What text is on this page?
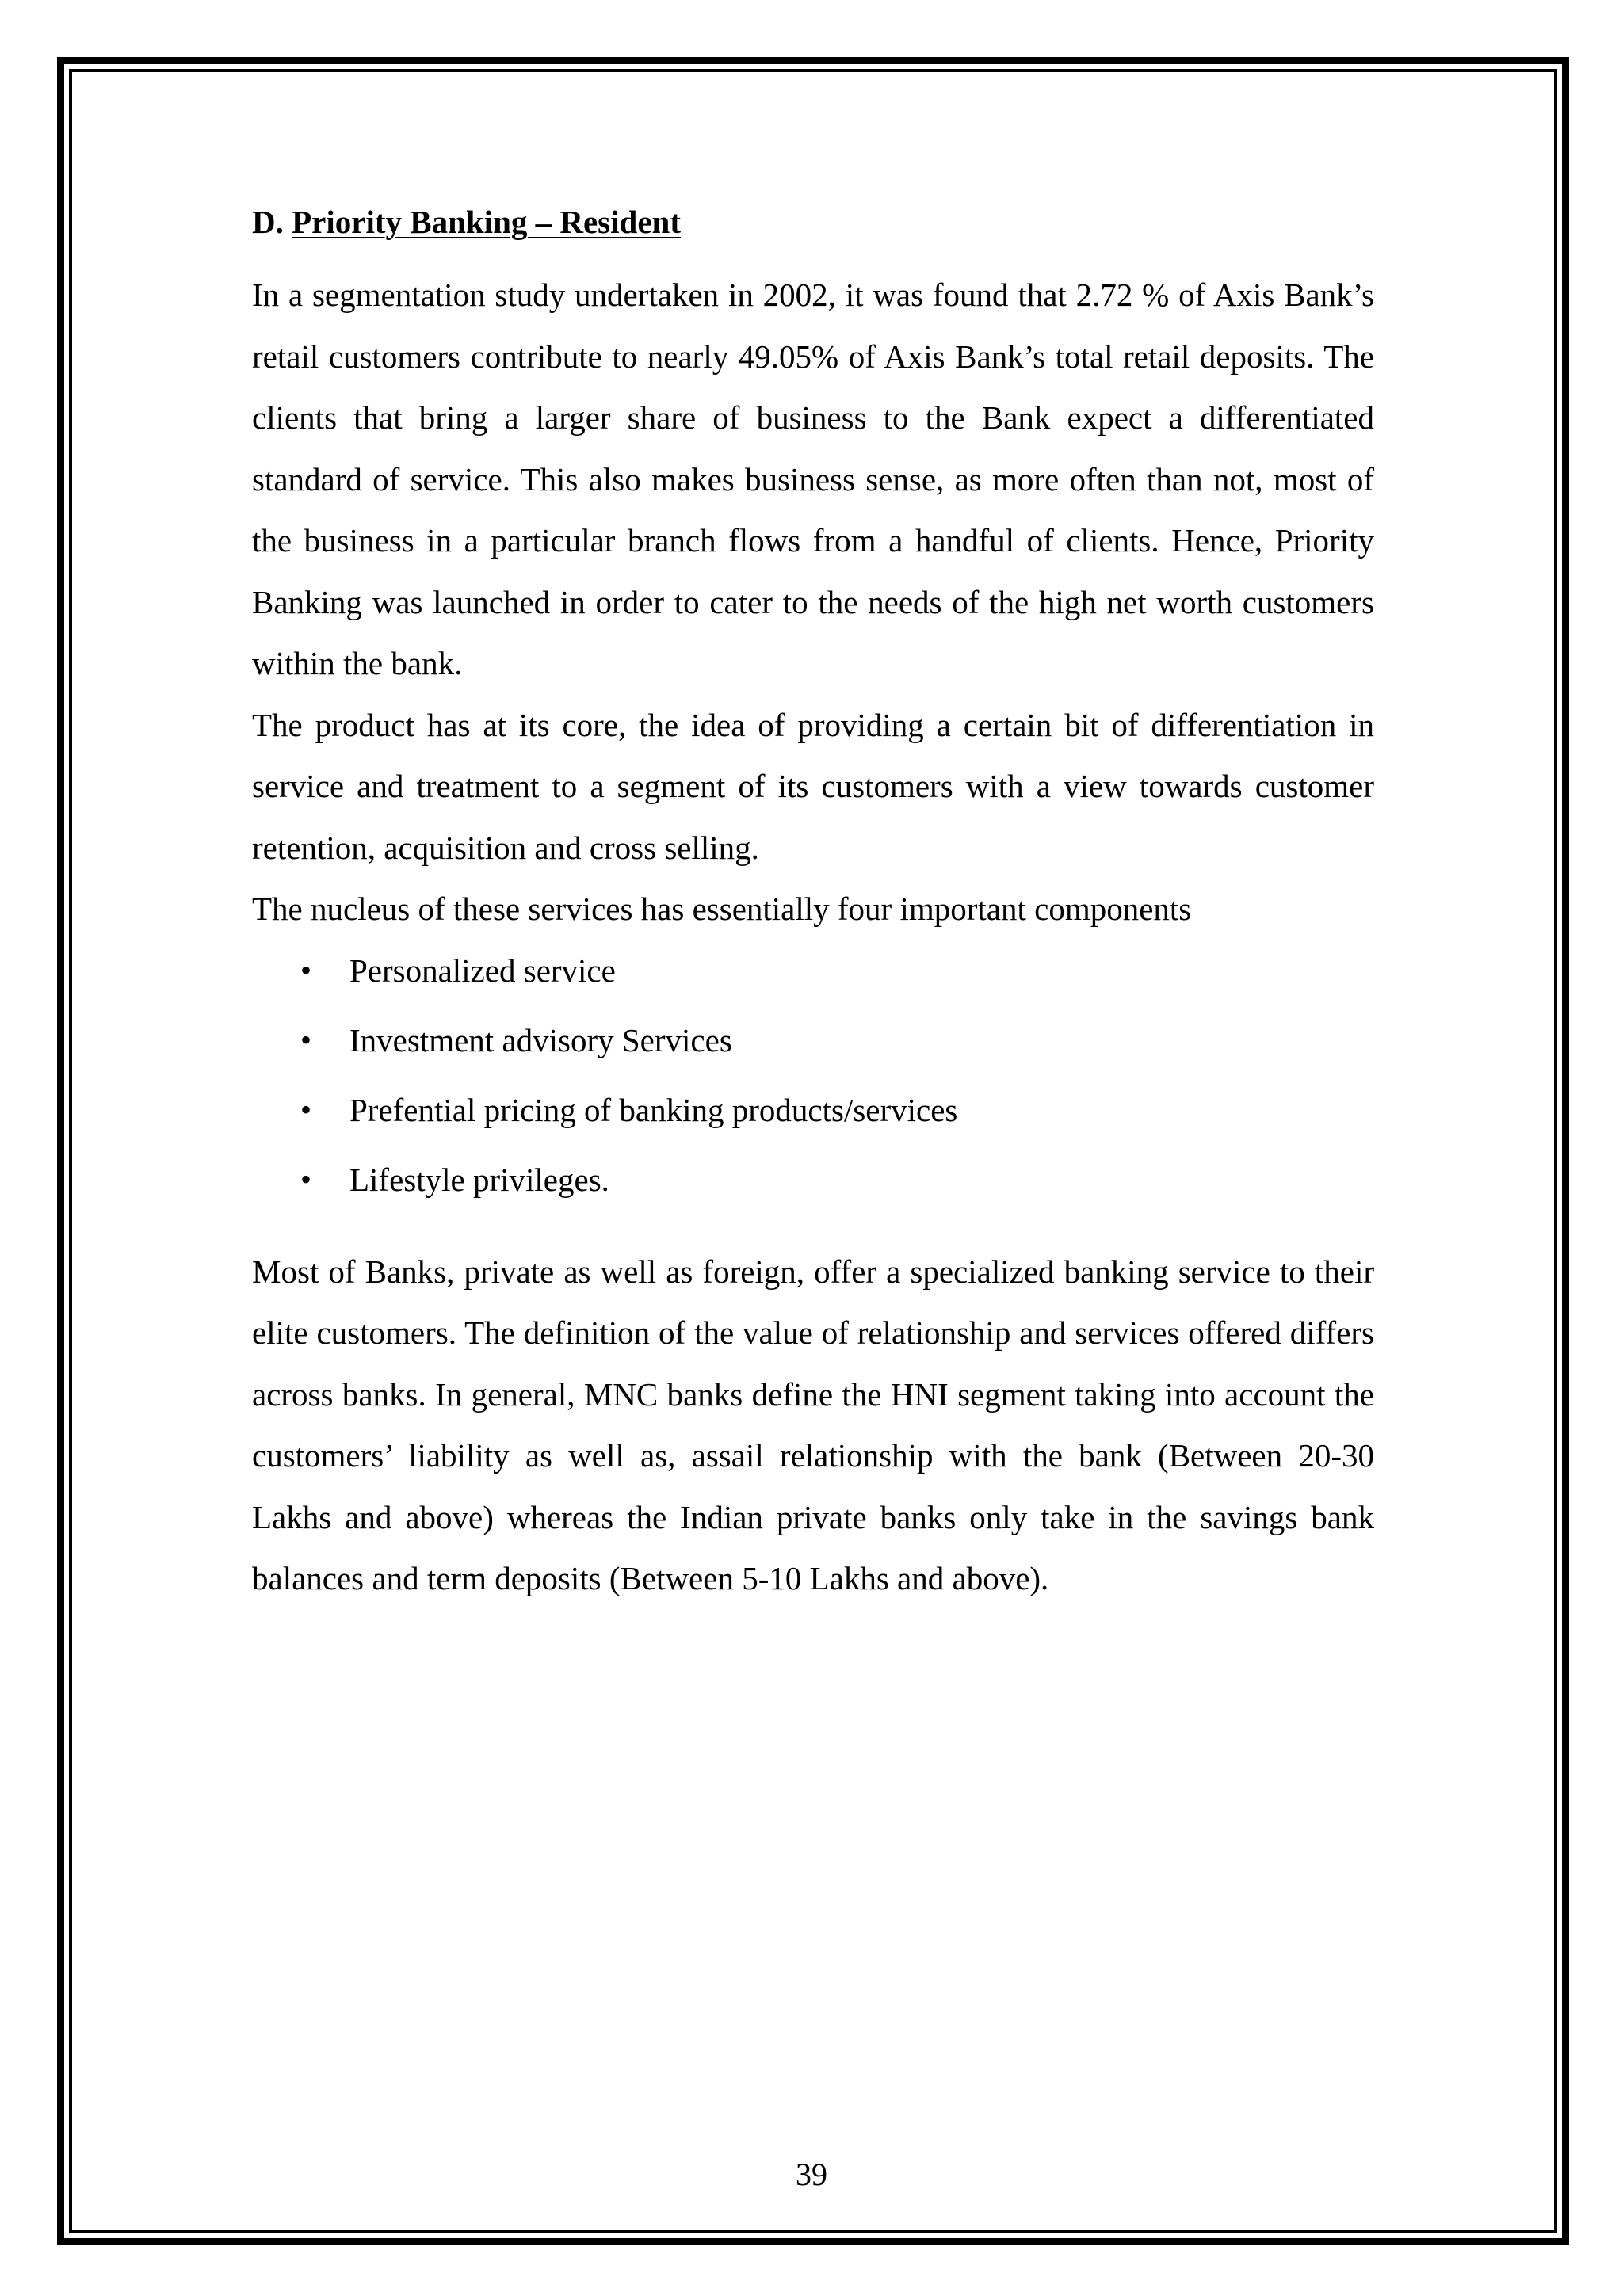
D. Priority Banking – Resident

In a segmentation study undertaken in 2002, it was found that 2.72 % of Axis Bank’s retail customers contribute to nearly 49.05% of Axis Bank’s total retail deposits. The clients that bring a larger share of business to the Bank expect a differentiated standard of service. This also makes business sense, as more often than not, most of the business in a particular branch flows from a handful of clients. Hence, Priority Banking was launched in order to cater to the needs of the high net worth customers within the bank.

The product has at its core, the idea of providing a certain bit of differentiation in service and treatment to a segment of its customers with a view towards customer retention, acquisition and cross selling.

The nucleus of these services has essentially four important components

• Personalized service
• Investment advisory Services
• Prefential pricing of banking products/services
• Lifestyle privileges.

Most of Banks, private as well as foreign, offer a specialized banking service to their elite customers. The definition of the value of relationship and services offered differs across banks. In general, MNC banks define the HNI segment taking into account the customers’ liability as well as, assail relationship with the bank (Between 20-30 Lakhs and above) whereas the Indian private banks only take in the savings bank balances and term deposits (Between 5-10 Lakhs and above).

39
